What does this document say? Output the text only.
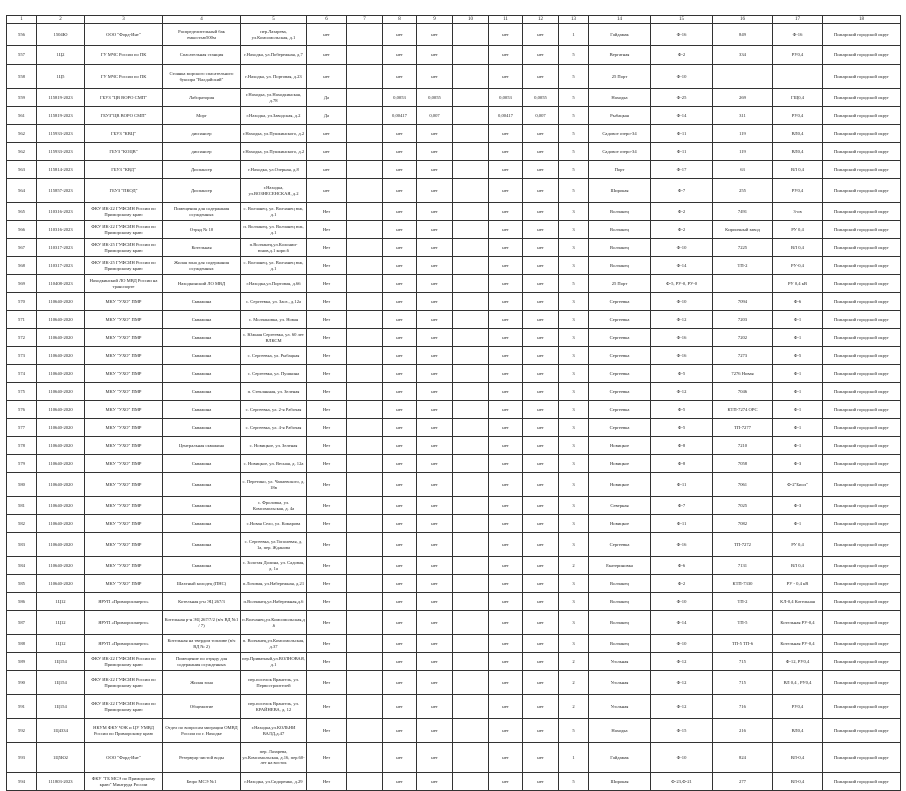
1	2	3	4	5	6	7	8	9	10	11	12	13	14	15	16	17	18
556	1504Ю	ООО "Форд-Инт"	Распределительный бак емкостью500м	пер.Лазарева, ул.Комсомольская, д.1	нет		нет	нет		нет	нет	1	Гайдамак	Ф-16	849	Ф-16	Пожарский городской округ
557	1Ц2	ГУ МЧС России по ПК	Спасательная станция	г.Находка, ул.Побережная, д.7	нет		нет	нет		нет	нет	5	Вергатная	Ф-2	334	РУ0,4	Пожарский городской округ
558	1Ц5	ГУ МЧС России по ПК	Стоянка морского спасательного буксира "Валдайский"	г.Находка, ул. Портовая, д.23	нет		нет	нет		нет	нет	5	25 Порт	Ф-10			Пожарский городской округ
559	115819-2023	ГБУЗ "ЦВ ВОРО СМП"	Лаборатория	г.Находка, ул.Находкинская, д.78	Да		0,0053	0,0055		0,0053	0,0055	5	Находка	Ф-25	269	ГЩ0,4	Пожарский городской округ
561	115819-2023	ГБУЗ"ЦВ ВОРО СМП"	Морг	г.Находка, ул.Заводская, д.2	Да		0,00417	0,007		0,00417	0,007	5	Рыбацкая	Ф-14	311	РУ0,4	Пожарский городской округ
562	115933-2023	ГБУЗ "КВЦ"	диспансер	г.Находка, ул.Пушкинского, д.2	нет		нет	нет		нет	нет	5	Садовое озеро-34	Ф-11	119	ВЛ0,4	Пожарский городской округ
562	115933-2023	ГБУЗ "КОЦВ"	диспансер	г.Находка, ул.Пушкинского, д.2	нет		нет	нет		нет	нет	5	Садовое озеро-34	Ф-11	119	ВЛ0,4	Пожарский городской округ
563	115814-2023	ГБУЗ "КВД"	Диспансер	г.Находка, ул.Озерная, д.8	нет		нет	нет		нет	нет	5	Порт	Ф-17	63	ВЛ 0,4	Пожарский городской округ
564	115857-2023	ГБУЗ "ПКОД"	Диспансер	г.Находка, ул.ВОЗНЕСЕНСКАЯ, д.2	нет		нет	нет		нет	нет	5	Широкая	Ф-7	255	РУ0,4	Пожарский городской округ
565	110316-2023	ФКУ ИК-22 ГУФСИН России по Приморскому краю	Помещения для содержания осужденных	с. Волчанец, ул. Волчанец юж, д.1	Нет		нет	нет		нет	нет	3	Волчанец	Ф-2	7491	3-ов	Пожарский городской округ
566	110316-2023	ФКУ ИК-22 ГУФСИН России по Приморскому краю	Отряд № 10	п. Волчанец, ул. Волчанец юж, д.1	Нет		нет	нет		нет	нет	3	Волчанец	Ф-2	Кирпичный завод	РУ 0,4	Пожарский городской округ
567	110317-2023	ФКУ ИК-25 ГУФСИН России по Приморскому краю	Котельная	п.Волчанец,ул.Колонии-юнов,д.1 корп.6	Нет		нет	нет		нет	нет	3	Волчанец	Ф-10	7225	ВЛ 0,4	Пожарский городской округ
568	110317-2023	ФКУ ИК-25 ГУФСИН России по Приморскому краю	Жилая зона для содержания осужденных	с. Волчанец, ул. Волчанец юж, д.1	Нет		нет	нет		нет	нет	3	Волчанец	Ф-14	ТП-2	РУ-0,4	Пожарский городской округ
569	110408-2023	Находкинский ЛО МВД России на транспорте	Находкинский ЛО МВД	г.Находка,ул.Портовая, д.66	Нет		нет	нет		нет	нет	5	25 Порт	Ф-5, РУ-0, РУ-0		РУ 0,4 кВ	Пожарский городской округ
570	110640-2020	МКУ "УХО" ПМР	Скважина	с. Сергеевка, ул. Заоз., д.12а	Нет		нет	нет		нет	нет	3	Сергеевка	Ф-10	7094	Ф-6	Пожарский городской округ
571	110640-2020	МКУ "УХО" ПМР	Скважина	с. Молчановка, ул. Новая	Нет		нет	нет		нет	нет	3	Сергеевка	Ф-12	7203	Ф-1	Пожарский городской округ
572	110640-2020	МКУ "УХО" ПМР	Скважина	с. Южная Сергеевка, ул. 60 лет ВЛКСМ	Нет		нет	нет		нет	нет	3	Сергеевка	Ф-16	7202	Ф-1	Пожарский городской округ
573	110640-2020	МКУ "УХО" ПМР	Скважина	с. Сергеевка, ул. Рыбацкая	Нет		нет	нет		нет	нет	3	Сергеевка	Ф-16	7273	Ф-5	Пожарский городской округ
574	110640-2020	МКУ "УХО" ПМР	Скважина	с. Сергеевка, ул. Пушкина	Нет		нет	нет		нет	нет	3	Сергеевка	Ф-5	7276 Новая	Ф-1	Пожарский городской округ
575	110640-2020	МКУ "УХО" ПМР	Скважина	п. Стеклянная, ул. Зеленая	Нет		нет	нет		нет	нет	3	Сергеевка	Ф-12	7046	Ф-1	Пожарский городской округ
576	110640-2020	МКУ "УХО" ПМР	Скважина	с. Сергеевка, ул. 2-я Рабочая	Нет		нет	нет		нет	нет	3	Сергеевка	Ф-5	КТП-7274 ОРС	Ф-1	Пожарский городской округ
577	110640-2020	МКУ "УХО" ПМР	Скважина	с. Сергеевка, ул. 4-я Рабочая	Нет		нет	нет		нет	нет	3	Сергеевка	Ф-5	ТП-7277	Ф-1	Пожарский городской округ
578	110640-2020	МКУ "УХО" ПМР	Центральная скважина	с. Новицкое, ул. Зеленая	Нет		нет	нет		нет	нет	3	Новицкое	Ф-8	7210	Ф-1	Пожарский городской округ
579	110640-2020	МКУ "УХО" ПМР	Скважина	с. Новицкое, ул. Весная, д. 12а	Нет		нет	нет		нет	нет	3	Новицкое	Ф-8	7058	Ф-3	Пожарский городской округ
580	110640-2020	МКУ "УХО" ПМР	Скважина	с. Перетино, ул. Чапаевского, д. 18в	Нет		нет	нет		нет	нет	3	Новицкое	Ф-11	7061	Ф-2"Биол"	Пожарский городской округ
581	110640-2020	МКУ "УХО" ПМР	Скважина	с. Фроловка, ул. Комсомольская, д. 4а	Нет		нет	нет		нет	нет	3	Северная	Ф-7	7025	Ф-3	Пожарский городской округ
582	110640-2020	МКУ "УХО" ПМР	Скважина	с.Новая Село, ул. Комарова	Нет		нет	нет		нет	нет	3	Новицкое	Ф-11	7082	Ф-1	Пожарский городской округ
583	110640-2020	МКУ "УХО" ПМР	Скважина	с. Сергеевка, ул.Тополевая, д. 1а, пер. Жданова	Нет		нет	нет		нет	нет	3	Сергеевка	Ф-16	ТП-7272	РУ 0,4	Пожарский городской округ
584	110640-2020	МКУ "УХО" ПМР	Скважина	с. Золотая Долина, ул. Садовая, д. 1а	Нет		нет	нет		нет	нет	2	Екатериновка	Ф-6	7131	ВЛ 0,4	Пожарский городской округ
585	110640-2020	МКУ "УХО" ПМР	Шахтный колодец (ПНС)	п.Лозовая, ул.Набережная, д.21	Нет		нет	нет		нет	нет	3	Волчанец	Ф-2	КТП-7330	РУ - 0,4 кВ	Пожарский городской округ
586	1Ц12	ЯРУП «Приморскэнерго»	Котельная р-н ЭЦ 267/3	п.Волчанец,ул.Набережная,д.6	Нет		нет	нет		нет	нет	3	Волчанец	Ф-10	ТП-2	КЛ-0,4 Котельная	Пожарский городской округ
587	1Ц12	ЯРУП «Приморскэнерго»	Котельная р-н ЭЦ 267/7/2 (в/ч ВД №1 / 7)	п.Волчанец,ул.Комсомольская,д.6	Нет		нет	нет		нет	нет	3	Волчанец	Ф-14	ТП-5	Котельная РУ-0,4	Пожарский городской округ
588	1Ц12	ЯРУП «Приморскэнерго»	Котельная на твердом топливе (в/ч ВД № 2)	п. Волчанец,ул.Комсомольская, д.37	Нет		нет	нет		нет	нет	3	Волчанец	Ф-10	ТП-5 ТП-6	Котельная РУ-0,4	Пожарский городской округ
589	1Ц154	ФКУ ИК-22 ГУФСИН России по Приморскому краю	Помещение по отряду для содержания осужденных	пер.Приватный,ул.ВОЛНОВАЯ,д.1	Нет		нет	нет		нет	нет	2	Угольная	Ф-12	715	Ф-12, РУ0,4	Пожарский городской округ
590	1Ц154	ФКУ ИК-22 ГУФСИН России по Приморскому краю	Жилая зона	пер.поселок Врангель, ул. Первостроителей	Нет		нет	нет		нет	нет	2	Угольная	Ф-12	715	ВЛ 0,4 , РУ0,4	Пожарский городской округ
591	1Ц154	ФКУ ИК-22 ГУФСИН России по Приморскому краю	Общежитие	пер.поселок Врангель, ул. КРАЙНЕВА, д. 12	Нет		нет	нет		нет	нет	2	Угольная	Ф-12	716	РУ0,4	Пожарский городской округ
592	1Ц4334	НКУМ ФКУ ЧЭК и ЦУ УМВД России по Приморскому краю	Отдел по вопросам миграции ОМВД России по г. Находке	г.Находка,ул.КОЛЬНИ ВАЛД,д.47	Нет		нет	нет		нет	нет	5	Находка	Ф-15	216	ВЛ0,4	Пожарский городской округ
593	1Ц5Ю2	ООО "Форд-Инт"	Резервуар чистой воды	пер. Лазарева, ул.Комсомольская, д.16, пер.60-лет на восток	Нет		нет	нет		нет	нет	1	Гайдамак	Ф-10	824	ВЛ-0,4	Пожарский городской округ
594	111803-2023	ФКУ "ГБ МСЭ по Приморскому краю" Минтруда России	Бюро МСЭ №1	г.Находка, ул.Сидоренко, д.29	Нет		нет	нет		нет	нет	5	Широкая	Ф-23,Ф-21	277	ВЛ-0,4	Пожарский городской округ
